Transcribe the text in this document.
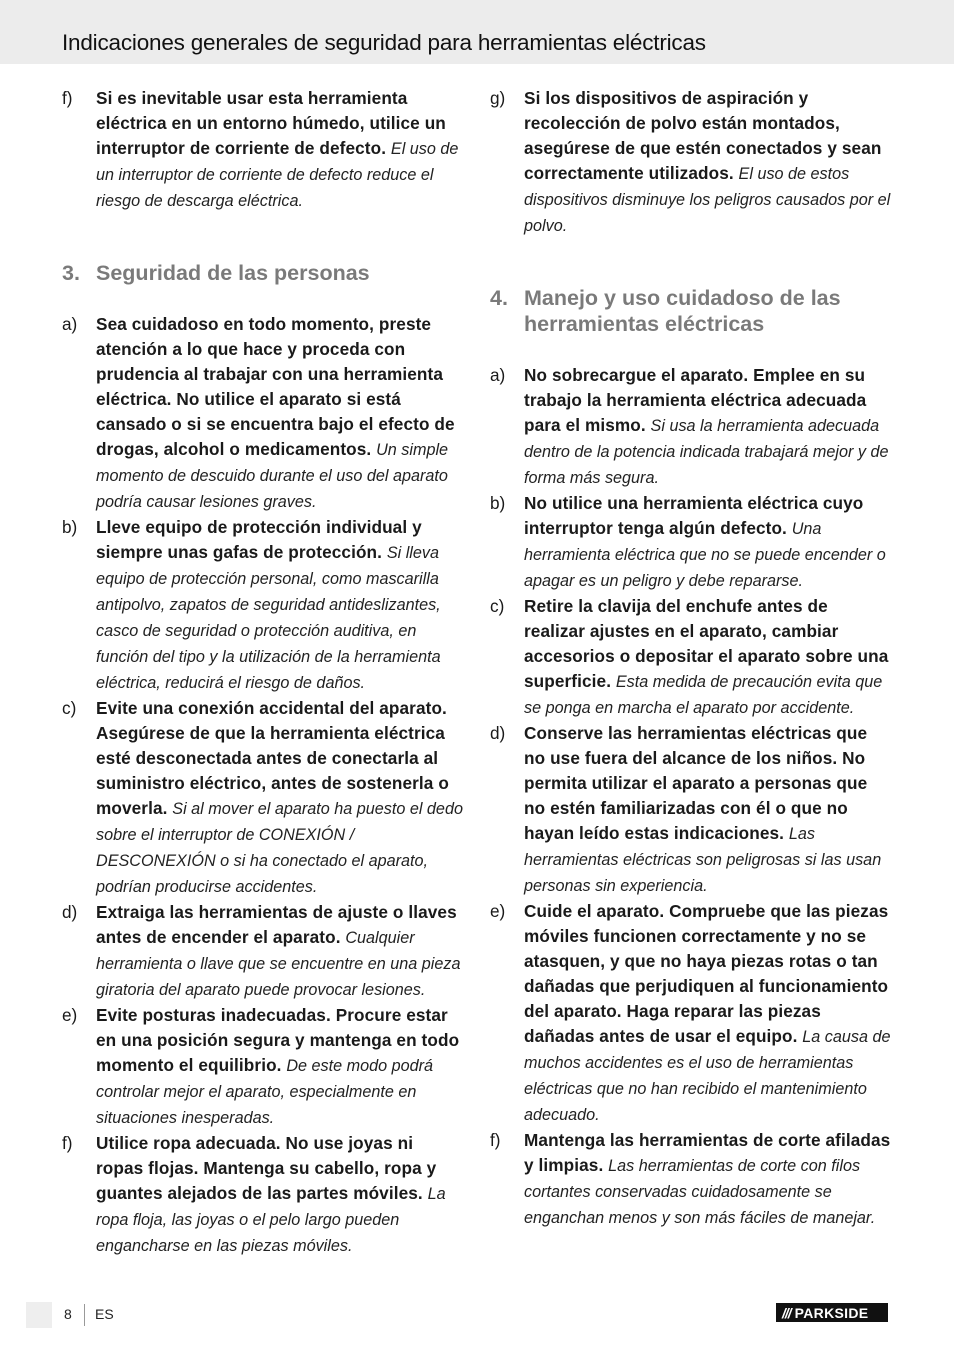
Indicaciones generales de seguridad para herramientas eléctricas
f) Si es inevitable usar esta herramienta eléctrica en un entorno húmedo, utilice un interruptor de corriente de defecto. El uso de un interruptor de corriente de defecto reduce el riesgo de descarga eléctrica.
3. Seguridad de las personas
a) Sea cuidadoso en todo momento, preste atención a lo que hace y proceda con prudencia al trabajar con una herramienta eléctrica. No utilice el aparato si está cansado o si se encuentra bajo el efecto de drogas, alcohol o medicamentos. Un simple momento de descuido durante el uso del aparato podría causar lesiones graves.
b) Lleve equipo de protección individual y siempre unas gafas de protección. Si lleva equipo de protección personal, como mascarilla antipolvo, zapatos de seguridad antideslizantes, casco de seguridad o protección auditiva, en función del tipo y la utilización de la herramienta eléctrica, reducirá el riesgo de daños.
c) Evite una conexión accidental del aparato. Asegúrese de que la herramienta eléctrica esté desconectada antes de conectarla al suministro eléctrico, antes de sostenerla o moverla. Si al mover el aparato ha puesto el dedo sobre el interruptor de CONEXIÓN / DESCONEXIÓN o si ha conectado el aparato, podrían producirse accidentes.
d) Extraiga las herramientas de ajuste o llaves antes de encender el aparato. Cualquier herramienta o llave que se encuentre en una pieza giratoria del aparato puede provocar lesiones.
e) Evite posturas inadecuadas. Procure estar en una posición segura y mantenga en todo momento el equilibrio. De este modo podrá controlar mejor el aparato, especialmente en situaciones inesperadas.
f) Utilice ropa adecuada. No use joyas ni ropas flojas. Mantenga su cabello, ropa y guantes alejados de las partes móviles. La ropa floja, las joyas o el pelo largo pueden engancharse en las piezas móviles.
g) Si los dispositivos de aspiración y recolección de polvo están montados, asegúrese de que estén conectados y sean correctamente utilizados. El uso de estos dispositivos disminuye los peligros causados por el polvo.
4. Manejo y uso cuidadoso de las herramientas eléctricas
a) No sobrecargue el aparato. Emplee en su trabajo la herramienta eléctrica adecuada para el mismo. Si usa la herramienta adecuada dentro de la potencia indicada trabajará mejor y de forma más segura.
b) No utilice una herramienta eléctrica cuyo interruptor tenga algún defecto. Una herramienta eléctrica que no se puede encender o apagar es un peligro y debe repararse.
c) Retire la clavija del enchufe antes de realizar ajustes en el aparato, cambiar accesorios o depositar el aparato sobre una superficie. Esta medida de precaución evita que se ponga en marcha el aparato por accidente.
d) Conserve las herramientas eléctricas que no use fuera del alcance de los niños. No permita utilizar el aparato a personas que no estén familiarizadas con él o que no hayan leído estas indicaciones. Las herramientas eléctricas son peligrosas si las usan personas sin experiencia.
e) Cuide el aparato. Compruebe que las piezas móviles funcionen correctamente y no se atasquen, y que no haya piezas rotas o tan dañadas que perjudiquen al funcionamiento del aparato. Haga reparar las piezas dañadas antes de usar el equipo. La causa de muchos accidentes es el uso de herramientas eléctricas que no han recibido el mantenimiento adecuado.
f) Mantenga las herramientas de corte afiladas y limpias. Las herramientas de corte con filos cortantes conservadas cuidadosamente se enganchan menos y son más fáciles de manejar.
8 ES	/// PARKSIDE
